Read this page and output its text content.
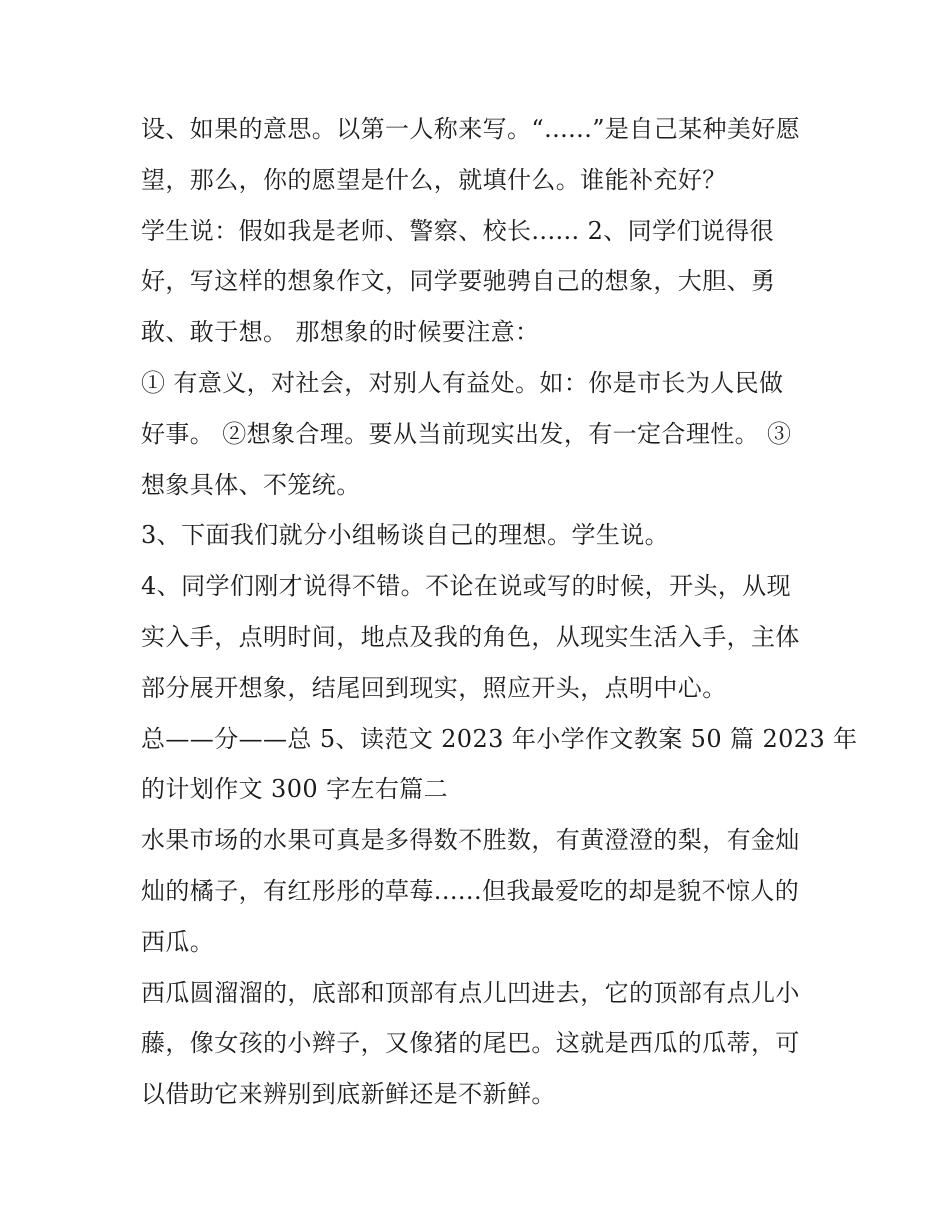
设、如果的意思。以第一人称来写。“......”是自己某种美好愿
望，那么，你的愿望是什么，就填什么。谁能补充好？
学生说：假如我是老师、警察、校长...... 2、同学们说得很
好，写这样的想象作文，同学要驰骋自己的想象，大胆、勇
敢、敢于想。 那想象的时候要注意：
① 有意义，对社会，对别人有益处。如：你是市长为人民做
好事。 ②想象合理。要从当前现实出发，有一定合理性。 ③
想象具体、不笼统。
3、下面我们就分小组畅谈自己的理想。学生说。
4、同学们刚才说得不错。不论在说或写的时候，开头，从现
实入手，点明时间，地点及我的角色，从现实生活入手，主体
部分展开想象，结尾回到现实，照应开头，点明中心。
总——分——总 5、读范文 2023 年小学作文教案 50 篇 2023 年
的计划作文 300 字左右篇二
水果市场的水果可真是多得数不胜数，有黄澄澄的梨，有金灿
灿的橘子，有红彤彤的草莓......但我最爱吃的却是貌不惊人的
西瓜。
西瓜圆溜溜的，底部和顶部有点儿凹进去，它的顶部有点儿小
藤，像女孩的小辫子，又像猪的尾巴。这就是西瓜的瓜蒂，可
以借助它来辨别到底新鲜还是不新鲜。
